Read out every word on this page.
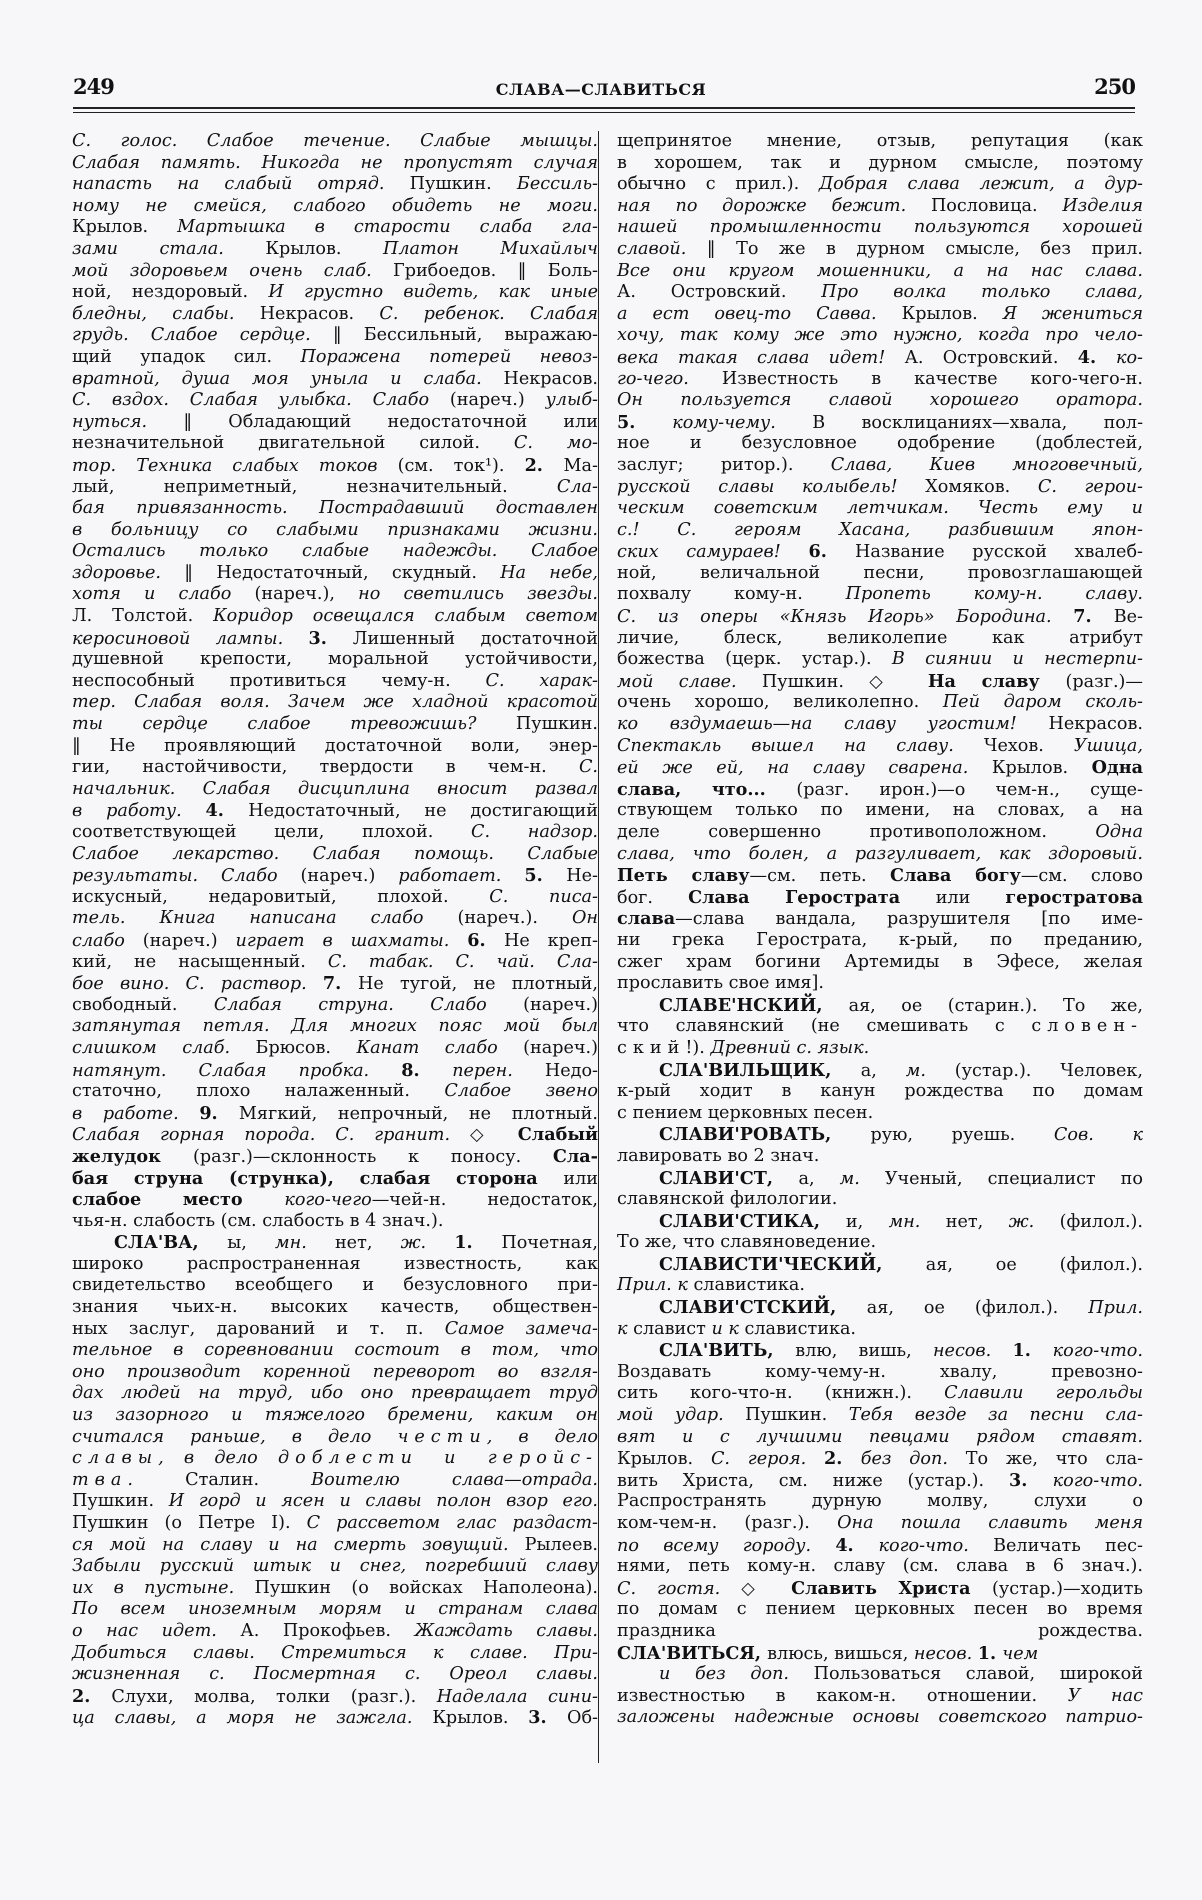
249	СЛАВА—СЛАВИТЬСЯ	250
С. голос. Слабое течение. Слабые мышцы.
Слабая память. Никогда не пропустят случая
напасть на слабый отряд. Пушкин. Бессиль-
ному не смейся, слабого обидеть не моги.
Крылов. Мартышка в старости слаба гла-
зами стала. Крылов. Платон Михайлыч
мой здоровьем очень слаб. Грибоедов. ‖ Боль-
ной, нездоровый. И грустно видеть, как иные
бледны, слабы. Некрасов. С. ребенок. Слабая
грудь. Слабое сердце. ‖ Бессильный, выражаю-
щий упадок сил. Поражена потерей невоз-
вратной, душа моя уныла и слаба. Некрасов.
С. вздох. Слабая улыбка. Слабо (нареч.) улыб-
нуться. ‖ Обладающий недостаточной или
незначительной двигательной силой. С. мо-
тор. Техника слабых токов (см. ток¹). 2. Ма-
лый, неприметный, незначительный. Сла-
бая привязанность. Пострадавший доставлен
в больницу со слабыми признаками жизни.
Остались только слабые надежды. Слабое
здоровье. ‖ Недостаточный, скудный. На небе,
хотя и слабо (нареч.), но светились звезды.
Л. Толстой. Коридор освещался слабым светом
керосиновой лампы. 3. Лишенный достаточной
душевной крепости, моральной устойчивости,
неспособный противиться чему-н. С. харак-
тер. Слабая воля. Зачем же хладной красотой
ты сердце слабое тревожишь? Пушкин.
‖ Не проявляющий достаточной воли, энер-
гии, настойчивости, твердости в чем-н. С.
начальник. Слабая дисциплина вносит развал
в работу. 4. Недостаточный, не достигающий
соответствующей цели, плохой. С. надзор.
Слабое лекарство. Слабая помощь. Слабые
результаты. Слабо (нареч.) работает. 5. Не-
искусный, недаровитый, плохой. С. писа-
тель. Книга написана слабо (нареч.). Он
слабо (нареч.) играет в шахматы. 6. Не креп-
кий, не насыщенный. С. табак. С. чай. Сла-
бое вино. С. раствор. 7. Не тугой, не плотный,
свободный. Слабая струна. Слабо (нареч.)
затянутая петля. Для многих пояс мой был
слишком слаб. Брюсов. Канат слабо (нареч.)
натянут. Слабая пробка. 8. перен. Недо-
статочно, плохо налаженный. Слабое звено
в работе. 9. Мягкий, непрочный, не плотный.
Слабая горная порода. С. гранит. ◇ Слабый
желудок (разг.)—склонность к поносу. Сла-
бая струна (струнка), слабая сторона или
слабое место кого-чего—чей-н. недостаток,
чья-н. слабость (см. слабость в 4 знач.).
СЛА'ВА, ы, мн. нет, ж. 1. Почетная,
широко распространенная известность, как
свидетельство всеобщего и безусловного при-
знания чьих-н. высоких качеств, обществен-
ных заслуг, дарований и т. п. Самое замеча-
тельное в соревновании состоит в том, что
оно производит коренной переворот во взгля-
дах людей на труд, ибо оно превращает труд
из зазорного и тяжелого бремени, каким он
считался раньше, в дело чести, в дело
славы, в дело доблести и геройс-
тва. Сталин. Воителю слава—отрада.
Пушкин. И горд и ясен и славы полон взор его.
Пушкин (о Петре I). С рассветом глас раздаст-
ся мой на славу и на смерть зовущий. Рылеев.
Забыли русский штык и снег, погребший славу
их в пустыне. Пушкин (о войсках Наполеона).
По всем иноземным морям и странам слава
о нас идет. А. Прокофьев. Жаждать славы.
Добиться славы. Стремиться к славе. При-
жизненная с. Посмертная с. Ореол славы.
2. Слухи, молва, толки (разг.). Наделала сини-
ца славы, а моря не зажгла. Крылов. 3. Об-
щепринятое мнение, отзыв, репутация (как
в хорошем, так и дурном смысле, поэтому
обычно с прил.). Добрая слава лежит, а дур-
ная по дорожке бежит. Пословица. Изделия
нашей промышленности пользуются хорошей
славой. ‖ То же в дурном смысле, без прил.
Все они кругом мошенники, а на нас слава.
А. Островский. Про волка только слава,
а ест овец-то Савва. Крылов. Я жениться
хочу, так кому же это нужно, когда про чело-
века такая слава идет! А. Островский. 4. ко-
го-чего. Известность в качестве кого-чего-н.
Он пользуется славой хорошего оратора.
5. кому-чему. В восклицаниях—хвала, пол-
ное и безусловное одобрение (доблестей,
заслуг; ритор.). Слава, Киев многовечный,
русской славы колыбель! Хомяков. С. герои-
ческим советским летчикам. Честь ему и
с.! С. героям Хасана, разбившим япон-
ских самураев! 6. Название русской хвалеб-
ной, величальной песни, провозглашающей
похвалу кому-н. Пропеть кому-н. славу.
С. из оперы «Князь Игорь» Бородина. 7. Ве-
личие, блеск, великолепие как атрибут
божества (церк. устар.). В сиянии и нестерпи-
мой славе. Пушкин. ◇ На славу (разг.)—
очень хорошо, великолепно. Пей даром сколь-
ко вздумаешь—на славу угостим! Некрасов.
Спектакль вышел на славу. Чехов. Ушица,
ей же ей, на славу сварена. Крылов. Одна
слава, что... (разг. ирон.)—о чем-н., суще-
ствующем только по имени, на словах, а на
деле совершенно противоположном. Одна
слава, что болен, а разгуливает, как здоровый.
Петь славу—см. петь. Слава богу—см. слово
бог. Слава Герострата или геростратова
слава—слава вандала, разрушителя [по име-
ни грека Герострата, к-рый, по преданию,
сжег храм богини Артемиды в Эфесе, желая
прославить свое имя].
СЛАВЕ'НСКИЙ, ая, ое (старин.). То же,
что славянский (не смешивать с словен-
ский!). Древний с. язык.
СЛА'ВИЛЬЩИК, а, м. (устар.). Человек,
к-рый ходит в канун рождества по домам
с пением церковных песен.
СЛАВИ'РОВАТЬ, рую, руешь. Сов. к
лавировать во 2 знач.
СЛАВИ'СТ, а, м. Ученый, специалист по
славянской филологии.
СЛАВИ'СТИКА, и, мн. нет, ж. (филол.).
То же, что славяноведение.
СЛАВИСТИ'ЧЕСКИЙ, ая, ое (филол.).
Прил. к славистика.
СЛАВИ'СТСКИЙ, ая, ое (филол.). Прил.
к славист и к славистика.
СЛА'ВИТЬ, влю, вишь, несов. 1. кого-что.
Воздавать кому-чему-н. хвалу, превозно-
сить кого-что-н. (книжн.). Славили герольды
мой удар. Пушкин. Тебя везде за песни сла-
вят и с лучшими певцами рядом ставят.
Крылов. С. героя. 2. без доп. То же, что сла-
вить Христа, см. ниже (устар.). 3. кого-что.
Распространять дурную молву, слухи о
ком-чем-н. (разг.). Она пошла славить меня
по всему городу. 4. кого-что. Величать пес-
нями, петь кому-н. славу (см. слава в 6 знач.).
С. гостя. ◇ Славить Христа (устар.)—ходить
по домам с пением церковных песен во время
праздника рождества.
СЛА'ВИТЬСЯ, влюсь, вишься, несов. 1. чем
и без доп. Пользоваться славой, широкой
известностью в каком-н. отношении. У нас
заложены надежные основы советского патрио-
